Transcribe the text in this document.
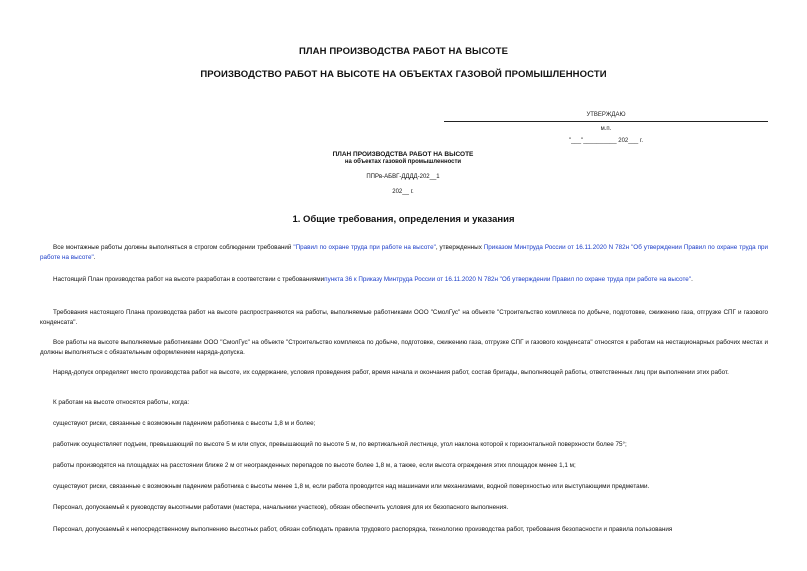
ПЛАН ПРОИЗВОДСТВА РАБОТ НА ВЫСОТЕ
ПРОИЗВОДСТВО РАБОТ НА ВЫСОТЕ НА ОБЪЕКТАХ ГАЗОВОЙ ПРОМЫШЛЕННОСТИ
УТВЕРЖДАЮ
м.п.
"___"__________ 202___ г.
ПЛАН ПРОИЗВОДСТВА РАБОТ НА ВЫСОТЕ
на объектах газовой промышленности
ППРв-АБВГ-ДДДД-202__1
202__ г.
1. Общие требования, определения и указания

Все монтажные работы должны выполняться в строгом соблюдении требований "Правил по охране труда при работе на высоте", утвержденных Приказом Минтруда России от 16.11.2020 N 782н "Об утверждении Правил по охране труда при работе на высоте".

Настоящий План производства работ на высоте разработан в соответствии с требованиямипункта 36 к Приказу Минтруда России от 16.11.2020 N 782н "Об утверждении Правил по охране труда при работе на высоте".

Требования настоящего Плана производства работ на высоте распространяются на работы, выполняемые работниками ООО "СмолГус" на объекте "Строительство комплекса по добыче, подготовке, сжижению газа, отгрузке СПГ и газового конденсата".

Все работы на высоте выполняемые работниками ООО "СмолГус" на объекте "Строительство комплекса по добыче, подготовке, сжижению газа, отгрузке СПГ и газового конденсата" относятся к работам на нестационарных рабочих местах и должны выполняться с обязательным оформлением наряда-допуска.

Наряд-допуск определяет место производства работ на высоте, их содержание, условия проведения работ, время начала и окончания работ, состав бригады, выполняющей работы, ответственных лиц при выполнении этих работ.

К работам на высоте относятся работы, когда:

существуют риски, связанные с возможным падением работника с высоты 1,8 м и более;

работник осуществляет подъем, превышающий по высоте 5 м или спуск, превышающий по высоте 5 м, по вертикальной лестнице, угол наклона которой к горизонтальной поверхности более 75°;

работы производятся на площадках на расстоянии ближе 2 м от неогражденных перепадов по высоте более 1,8 м, а также, если высота ограждения этих площадок менее 1,1 м;

существуют риски, связанные с возможным падением работника с высоты менее 1,8 м, если работа проводится над машинами или механизмами, водной поверхностью или выступающими предметами.

Персонал, допускаемый к руководству высотными работами (мастера, начальники участков), обязан обеспечить условия для их безопасного выполнения.

Персонал, допускаемый к непосредственному выполнению высотных работ, обязан соблюдать правила трудового распорядка, технологию производства работ, требования безопасности и правила пользования
